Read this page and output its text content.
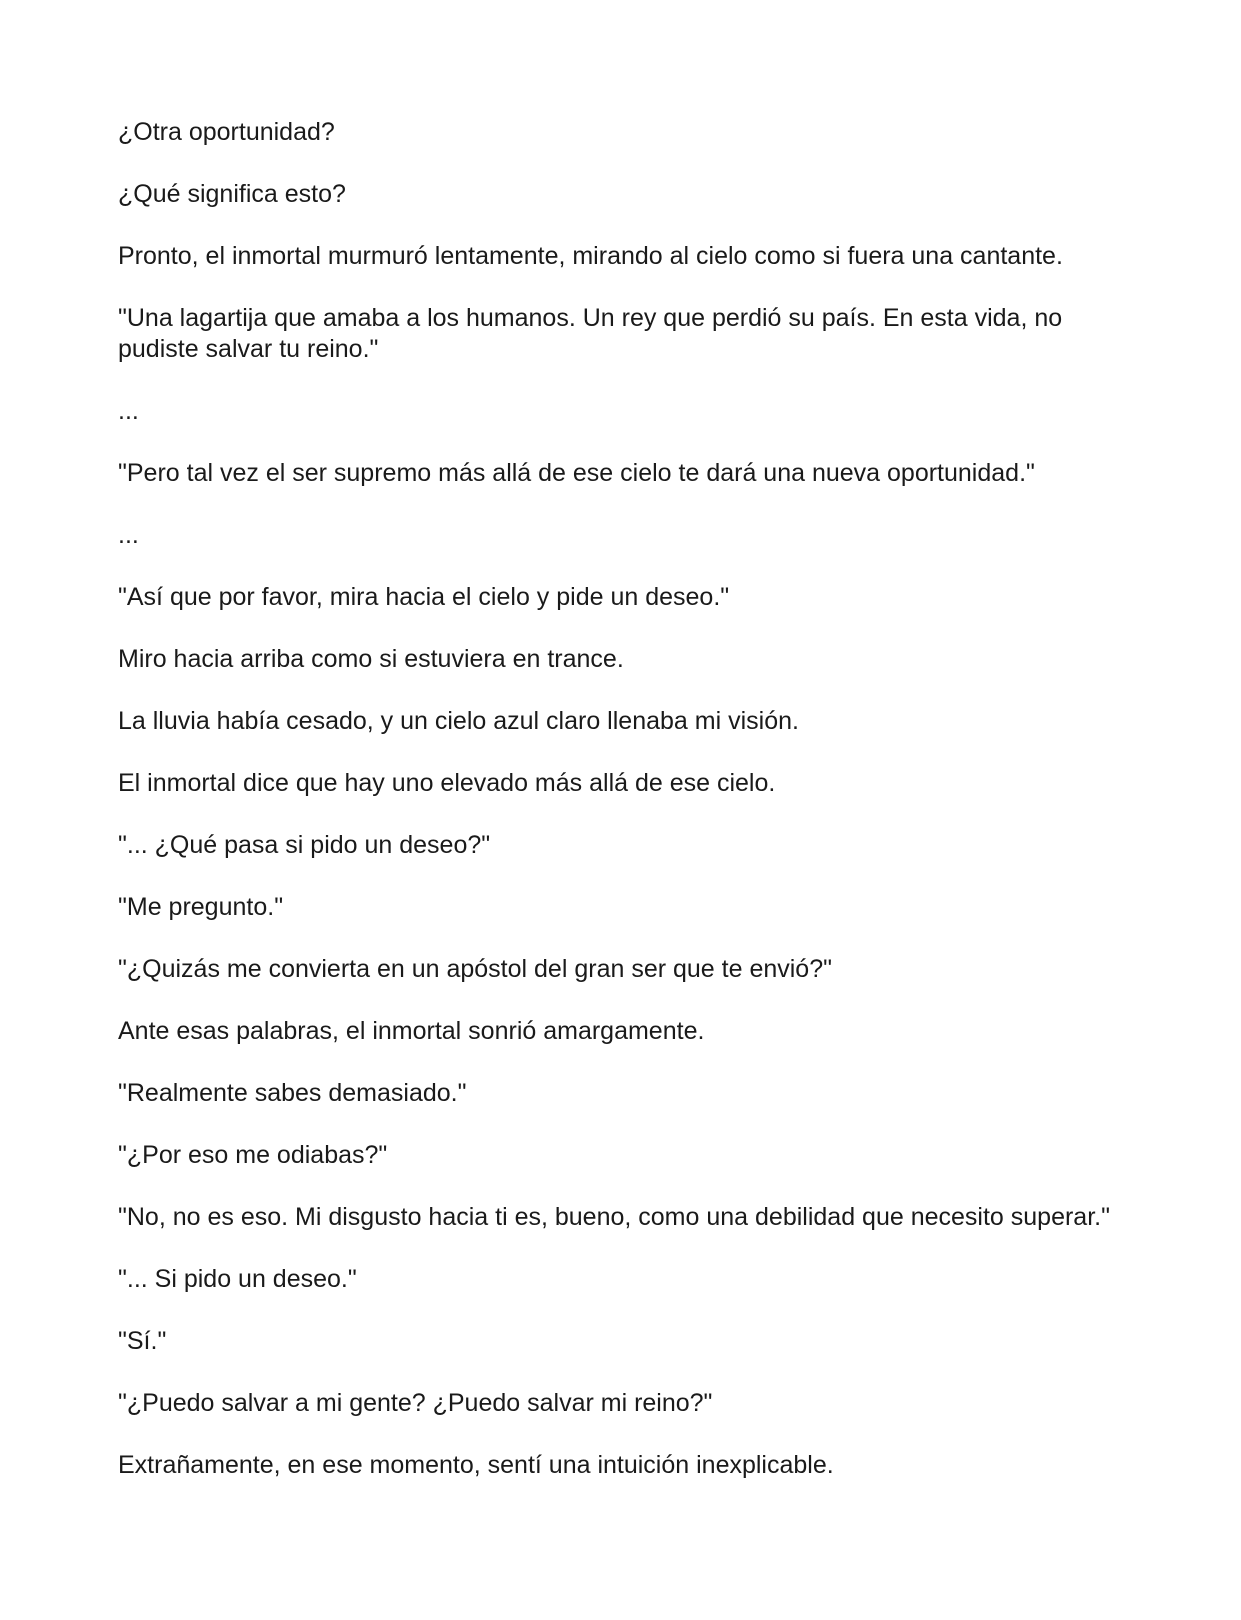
¿Otra oportunidad?

¿Qué significa esto?

Pronto, el inmortal murmuró lentamente, mirando al cielo como si fuera una cantante.

"Una lagartija que amaba a los humanos. Un rey que perdió su país. En esta vida, no pudiste salvar tu reino."

...

"Pero tal vez el ser supremo más allá de ese cielo te dará una nueva oportunidad."

...

"Así que por favor, mira hacia el cielo y pide un deseo."

Miro hacia arriba como si estuviera en trance.

La lluvia había cesado, y un cielo azul claro llenaba mi visión.

El inmortal dice que hay uno elevado más allá de ese cielo.

"... ¿Qué pasa si pido un deseo?"

"Me pregunto."

"¿Quizás me convierta en un apóstol del gran ser que te envió?"

Ante esas palabras, el inmortal sonrió amargamente.

"Realmente sabes demasiado."

"¿Por eso me odiabas?"

"No, no es eso. Mi disgusto hacia ti es, bueno, como una debilidad que necesito superar."

"... Si pido un deseo."

"Sí."

"¿Puedo salvar a mi gente? ¿Puedo salvar mi reino?"

Extrañamente, en ese momento, sentí una intuición inexplicable.
